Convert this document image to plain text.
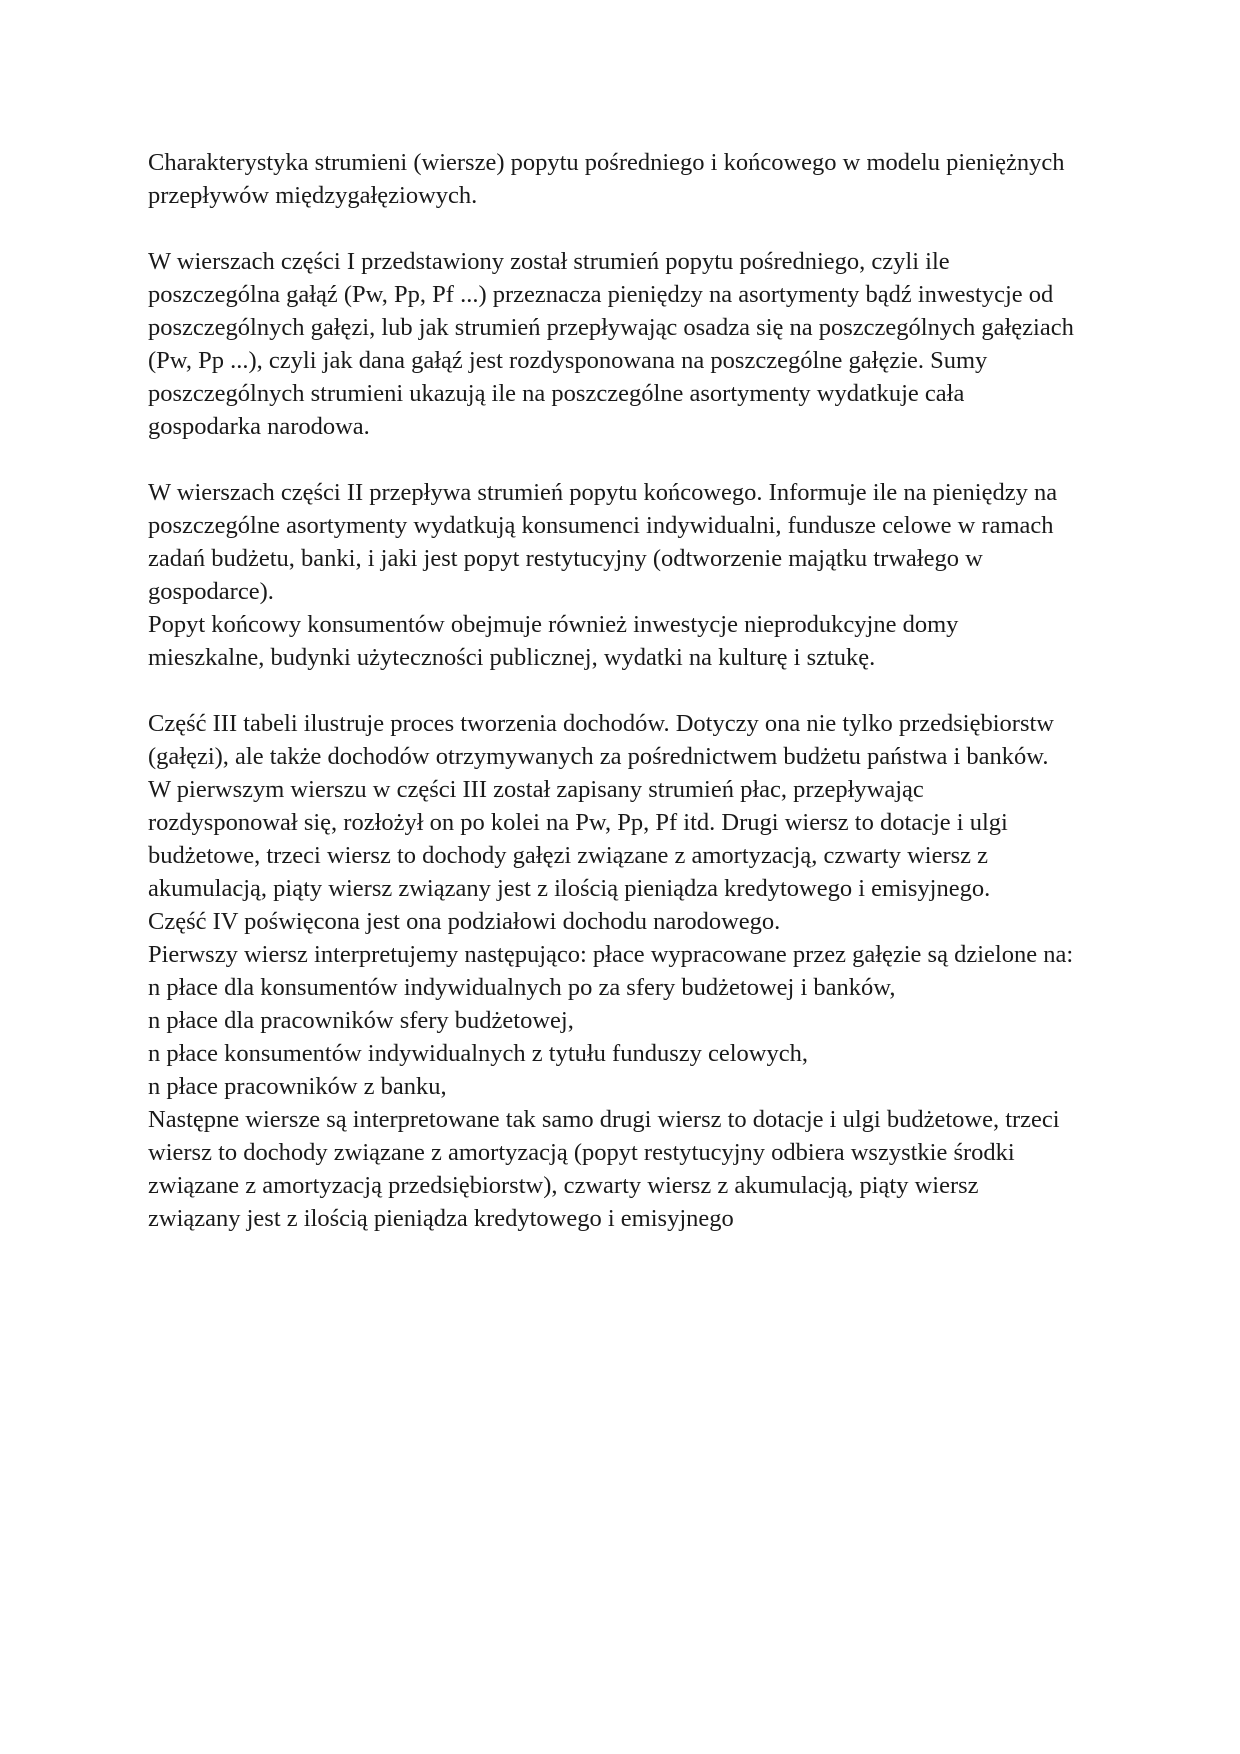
Charakterystyka strumieni (wiersze) popytu pośredniego i końcowego w modelu pieniężnych
przepływów międzygałęziowych.
W wierszach części I przedstawiony został strumień popytu pośredniego, czyli ile
poszczególna gałąź (Pw, Pp, Pf ...) przeznacza pieniędzy na asortymenty bądź inwestycje od
poszczególnych gałęzi, lub jak strumień przepływając osadza się na poszczególnych gałęziach
(Pw, Pp ...), czyli jak dana gałąź jest rozdysponowana na poszczególne gałęzie. Sumy
poszczególnych strumieni ukazują ile na poszczególne asortymenty wydatkuje cała
gospodarka narodowa.
W wierszach części II przepływa strumień popytu końcowego. Informuje ile na pieniędzy na
poszczególne asortymenty wydatkują konsumenci indywidualni, fundusze celowe w ramach
zadań budżetu, banki, i jaki jest popyt restytucyjny (odtworzenie majątku trwałego w
gospodarce).
Popyt końcowy konsumentów obejmuje również inwestycje nieprodukcyjne domy
mieszkalne, budynki użyteczności publicznej, wydatki na kulturę i sztukę.
Część III tabeli ilustruje proces tworzenia dochodów. Dotyczy ona nie tylko przedsiębiorstw
(gałęzi), ale także dochodów otrzymywanych za pośrednictwem budżetu państwa i banków.
W pierwszym wierszu w części III został zapisany strumień płac, przepływając
rozdysponował się, rozłożył on po kolei na Pw, Pp, Pf itd. Drugi wiersz to dotacje i ulgi
budżetowe, trzeci wiersz to dochody gałęzi związane z amortyzacją, czwarty wiersz z
akumulacją, piąty wiersz związany jest z ilością pieniądza kredytowego i emisyjnego.
Część IV poświęcona jest ona podziałowi dochodu narodowego.
Pierwszy wiersz interpretujemy następująco: płace wypracowane przez gałęzie są dzielone na:
n płace dla konsumentów indywidualnych po za sfery budżetowej i banków,
n płace dla pracowników sfery budżetowej,
n płace konsumentów indywidualnych z tytułu funduszy celowych,
n płace pracowników z banku,
Następne wiersze są interpretowane tak samo drugi wiersz to dotacje i ulgi budżetowe, trzeci
wiersz to dochody związane z amortyzacją (popyt restytucyjny odbiera wszystkie środki
związane z amortyzacją przedsiębiorstw), czwarty wiersz z akumulacją, piąty wiersz
związany jest z ilością pieniądza kredytowego i emisyjnego
